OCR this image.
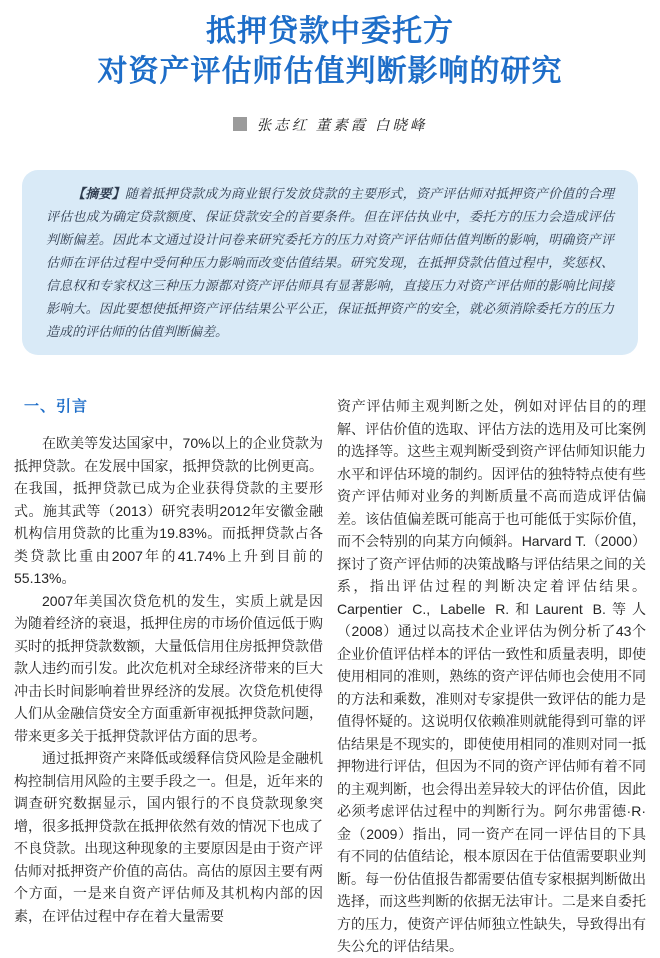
抵押贷款中委托方
对资产评估师估值判断影响的研究
张志红 董素霞 白晓峰

【摘要】随着抵押贷款成为商业银行发放贷款的主要形式，资产评估师对抵押资产价值的合理评估也成为确定贷款额度、保证贷款安全的首要条件。但在评估执业中，委托方的压力会造成评估判断偏差。因此本文通过设计问卷来研究委托方的压力对资产评估师估值判断的影响，明确资产评估师在评估过程中受何种压力影响而改变估值结果。研究发现，在抵押贷款估值过程中，奖惩权、信息权和专家权这三种压力源都对资产评估师具有显著影响，直接压力对资产评估师的影响比间接影响大。因此要想使抵押资产评估结果公平公正，保证抵押资产的安全，就必须消除委托方的压力造成的评估师的估值判断偏差。

一、引言

在欧美等发达国家中，70%以上的企业贷款为抵押贷款。在发展中国家，抵押贷款的比例更高。在我国，抵押贷款已成为企业获得贷款的主要形式。施其武等（2013）研究表明2012年安徽金融机构信用贷款的比重为19.83%。而抵押贷款占各类贷款比重由2007年的41.74%上升到目前的55.13%。

2007年美国次贷危机的发生，实质上就是因为随着经济的衰退，抵押住房的市场价值远低于购买时的抵押贷款数额，大量低信用住房抵押贷款借款人违约而引发。此次危机对全球经济带来的巨大冲击长时间影响着世界经济的发展。次贷危机使得人们从金融信贷安全方面重新审视抵押贷款问题，带来更多关于抵押贷款评估方面的思考。

通过抵押资产来降低或缓释信贷风险是金融机构控制信用风险的主要手段之一。但是，近年来的调查研究数据显示，国内银行的不良贷款现象突增，很多抵押贷款在抵押依然有效的情况下也成了不良贷款。出现这种现象的主要原因是由于资产评估师对抵押资产价值的高估。高估的原因主要有两个方面，一是来自资产评估师及其机构内部的因素，在评估过程中存在着大量需要

资产评估师主观判断之处，例如对评估目的的理解、评估价值的选取、评估方法的选用及可比案例的选择等。这些主观判断受到资产评估师知识能力水平和评估环境的制约。因评估的独特特点使有些资产评估师对业务的判断质量不高而造成评估偏差。该估值偏差既可能高于也可能低于实际价值，而不会特别的向某方向倾斜。Harvard T.（2000）探讨了资产评估师的决策战略与评估结果之间的关系，指出评估过程的判断决定着评估结果。Carpentier C., Labelle R.和Laurent B.等人（2008）通过以高技术企业评估为例分析了43个企业价值评估样本的评估一致性和质量表明，即使使用相同的准则，熟练的资产评估师也会使用不同的方法和乘数，准则对专家提供一致评估的能力是值得怀疑的。这说明仅依赖准则就能得到可靠的评估结果是不现实的，即使使用相同的准则对同一抵押物进行评估，但因为不同的资产评估师有着不同的主观判断，也会得出差异较大的评估价值，因此必须考虑评估过程中的判断行为。阿尔弗雷德·R·金（2009）指出，同一资产在同一评估目的下具有不同的估值结论，根本原因在于估值需要职业判断。每一份估值报告都需要估值专家根据判断做出选择，而这些判断的依据无法审计。二是来自委托方的压力，使资产评估师独立性缺失，导致得出有失公允的评估结果。
